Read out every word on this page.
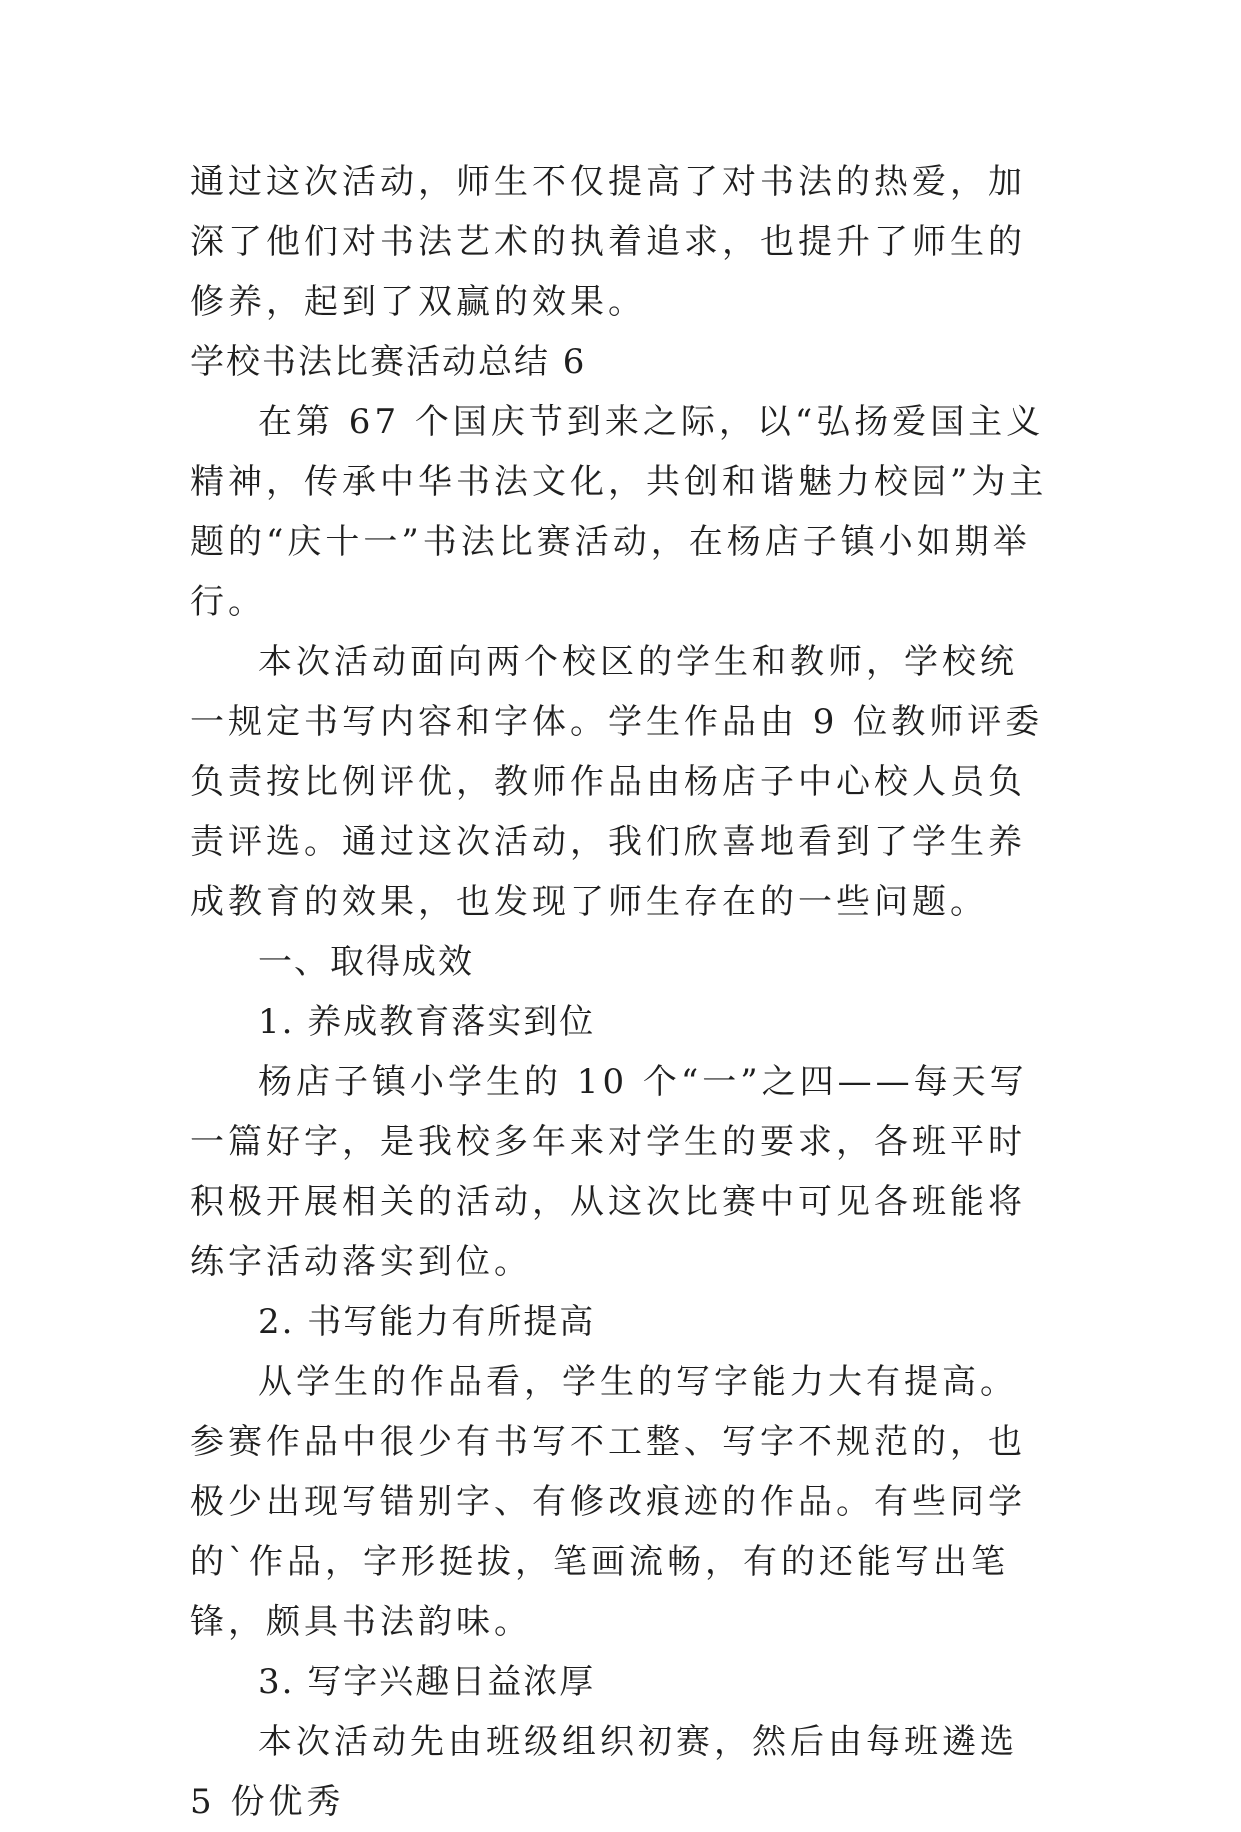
通过这次活动，师生不仅提高了对书法的热爱，加深了他们对书法艺术的执着追求，也提升了师生的修养，起到了双赢的效果。

学校书法比赛活动总结 6

在第 67 个国庆节到来之际，以“弘扬爱国主义精神，传承中华书法文化，共创和谐魅力校园”为主题的“庆十一”书法比赛活动，在杨店子镇小如期举行。

本次活动面向两个校区的学生和教师，学校统一规定书写内容和字体。学生作品由 9 位教师评委负责按比例评优，教师作品由杨店子中心校人员负责评选。通过这次活动，我们欣喜地看到了学生养成教育的效果，也发现了师生存在的一些问题。

一、取得成效

1. 养成教育落实到位

杨店子镇小学生的 10 个“一”之四——每天写一篇好字，是我校多年来对学生的要求，各班平时积极开展相关的活动，从这次比赛中可见各班能将练字活动落实到位。

2. 书写能力有所提高

从学生的作品看，学生的写字能力大有提高。参赛作品中很少有书写不工整、写字不规范的，也极少出现写错别字、有修改痕迹的作品。有些同学的`作品，字形挺拔，笔画流畅，有的还能写出笔锋，颇具书法韵味。

3. 写字兴趣日益浓厚

本次活动先由班级组织初赛，然后由每班遴选 5 份优秀
